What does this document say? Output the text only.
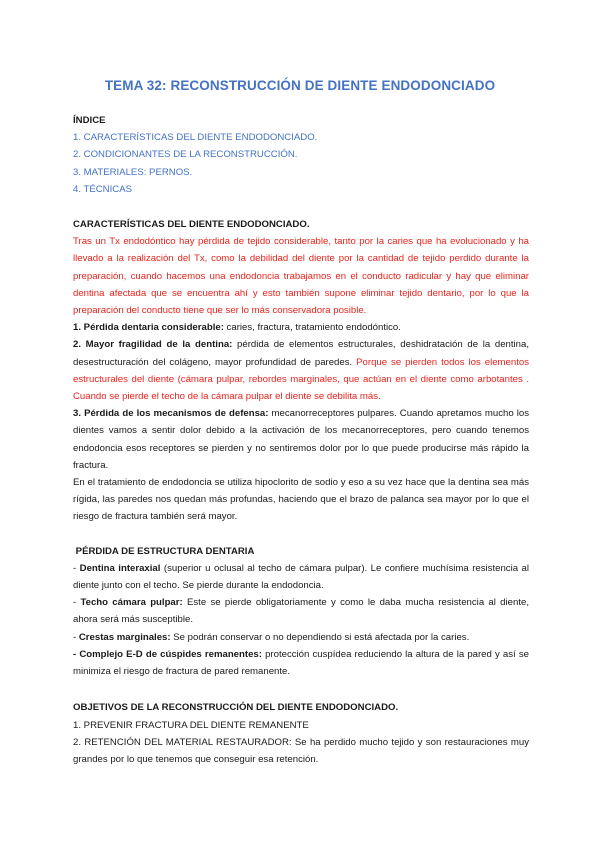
TEMA 32: RECONSTRUCCIÓN DE DIENTE ENDODONCIADO

ÍNDICE

1. CARACTERÍSTICAS DEL DIENTE ENDODONCIADO.

2. CONDICIONANTES DE LA RECONSTRUCCIÓN.

3. MATERIALES: PERNOS.

4. TÉCNICAS

CARACTERÍSTICAS DEL DIENTE ENDODONCIADO.

Tras un Tx endodóntico hay pérdida de tejido considerable, tanto por la caries que ha evolucionado y ha llevado a la realización del Tx, como la debilidad del diente por la cantidad de tejido perdido durante la preparación, cuando hacemos una endodoncia trabajamos en el conducto radicular y hay que eliminar dentina afectada que se encuentra ahí y esto también supone eliminar tejido dentario, por lo que la preparación del conducto tiene que ser lo más conservadora posible.

1. Pérdida dentaria considerable: caries, fractura, tratamiento endodóntico.

2. Mayor fragilidad de la dentina: pérdida de elementos estructurales, deshidratación de la dentina, desestructuración del colágeno, mayor profundidad de paredes. Porque se pierden todos los elementos estructurales del diente (cámara pulpar, rebordes marginales, que actúan en el diente como arbotantes . Cuando se pierde el techo de la cámara pulpar el diente se debilita más.

3. Pérdida de los mecanismos de defensa: mecanorreceptores pulpares. Cuando apretamos mucho los dientes vamos a sentir dolor debido a la activación de los mecanorreceptores, pero cuando tenemos endodoncia esos receptores se pierden y no sentiremos dolor por lo que puede producirse más rápido la fractura.

En el tratamiento de endodoncia se utiliza hipoclorito de sodio y eso a su vez hace que la dentina sea más rígida, las paredes nos quedan más profundas, haciendo que el brazo de palanca sea mayor por lo que el riesgo de fractura también será mayor.

PÉRDIDA DE ESTRUCTURA DENTARIA

- Dentina interaxial (superior u oclusal al techo de cámara pulpar). Le confiere muchísima resistencia al diente junto con el techo. Se pierde durante la endodoncia.

- Techo cámara pulpar: Este se pierde obligatoriamente y como le daba mucha resistencia al diente, ahora será más susceptible.

- Crestas marginales: Se podrán conservar o no dependiendo si está afectada por la caries.

- Complejo E-D de cúspides remanentes: protección cuspídea reduciendo la altura de la pared y así se minimiza el riesgo de fractura de pared remanente.

OBJETIVOS DE LA RECONSTRUCCIÓN DEL DIENTE ENDODONCIADO.

1. PREVENIR FRACTURA DEL DIENTE REMANENTE

2. RETENCIÓN DEL MATERIAL RESTAURADOR: Se ha perdido mucho tejido y son restauraciones muy grandes por lo que tenemos que conseguir esa retención.
